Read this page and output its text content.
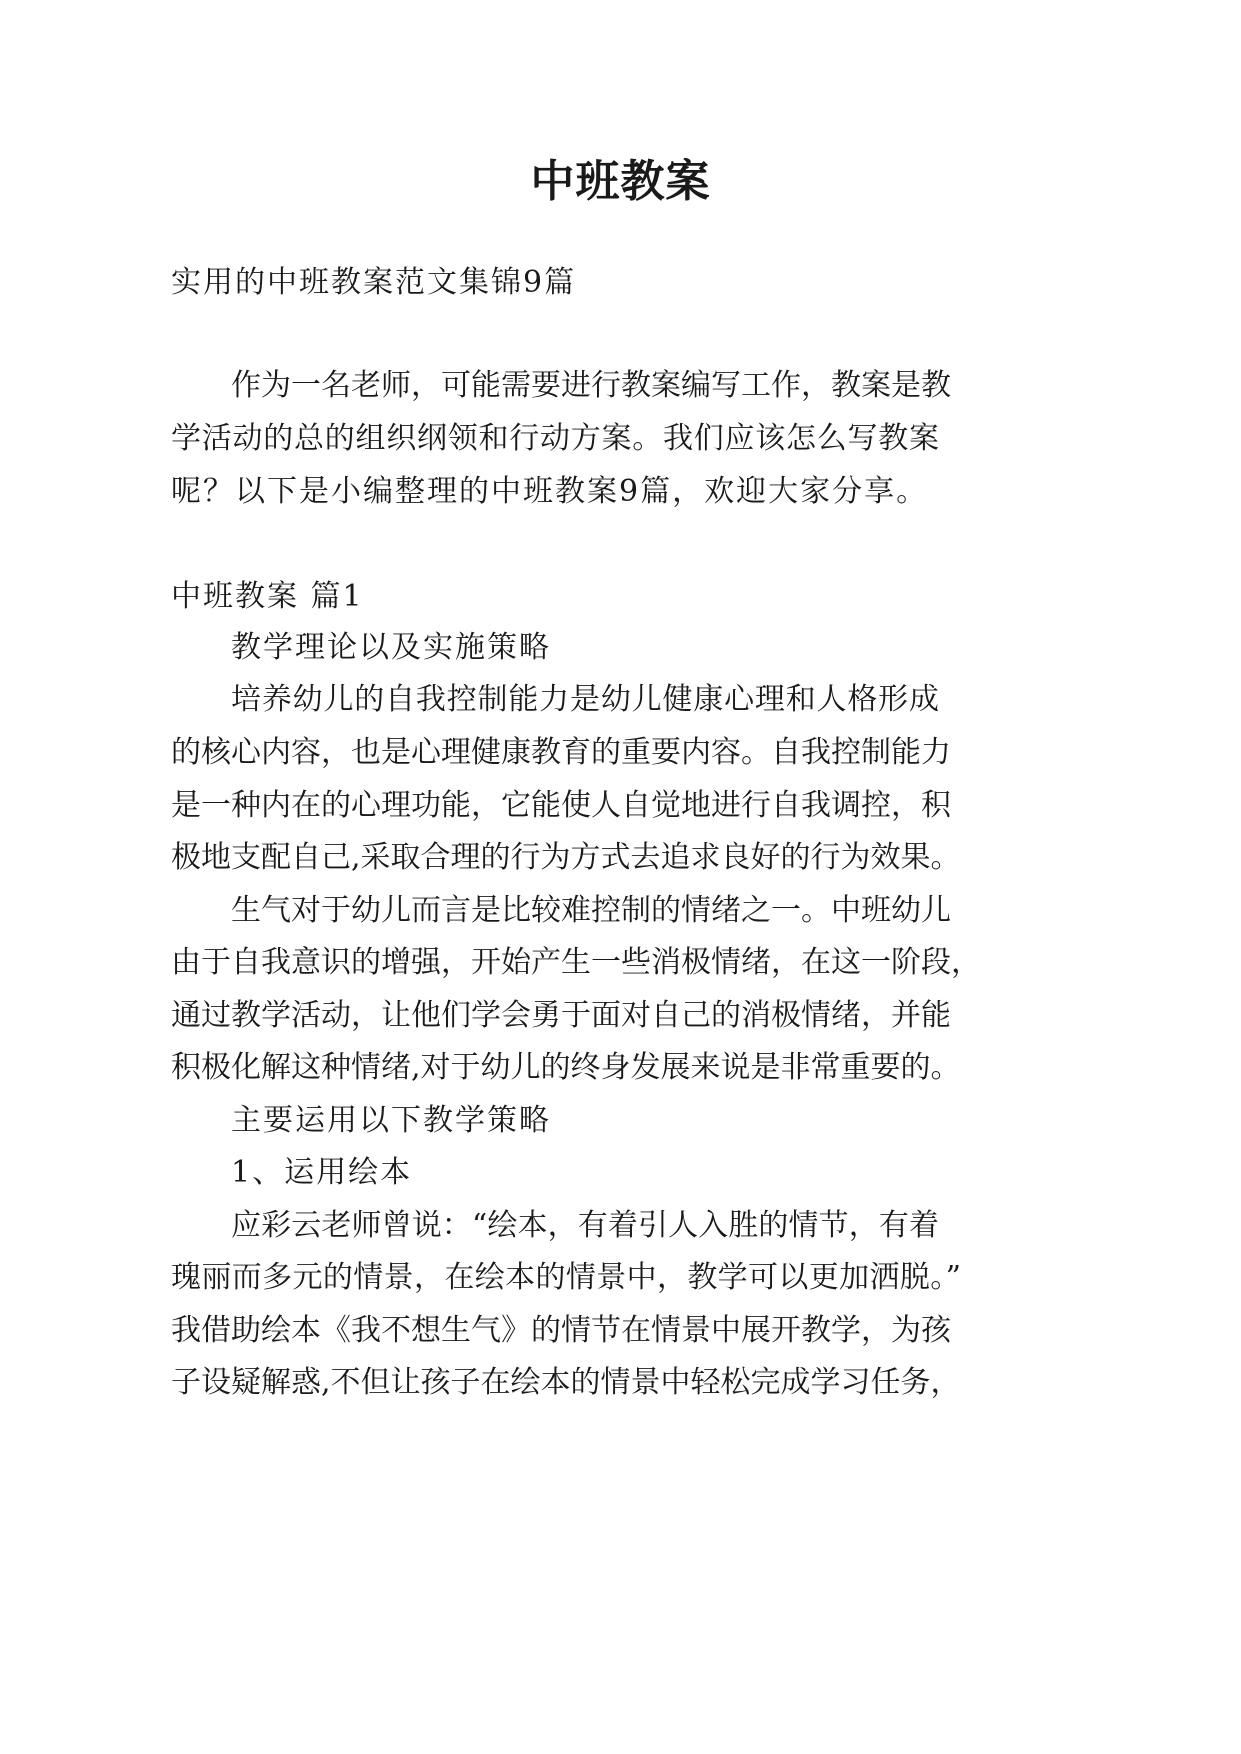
中班教案
实用的中班教案范文集锦9篇
作为一名老师，可能需要进行教案编写工作，教案是教
学活动的总的组织纲领和行动方案。我们应该怎么写教案
呢？以下是小编整理的中班教案9篇，欢迎大家分享。
中班教案 篇1
教学理论以及实施策略
培养幼儿的自我控制能力是幼儿健康心理和人格形成
的核心内容，也是心理健康教育的重要内容。自我控制能力
是一种内在的心理功能，它能使人自觉地进行自我调控，积
极地支配自己,采取合理的行为方式去追求良好的行为效果。
生气对于幼儿而言是比较难控制的情绪之一。中班幼儿
由于自我意识的增强，开始产生一些消极情绪，在这一阶段，
通过教学活动，让他们学会勇于面对自己的消极情绪，并能
积极化解这种情绪,对于幼儿的终身发展来说是非常重要的。
主要运用以下教学策略
1、运用绘本
应彩云老师曾说：“绘本，有着引人入胜的情节，有着
瑰丽而多元的情景，在绘本的情景中，教学可以更加洒脱。”
我借助绘本《我不想生气》的情节在情景中展开教学，为孩
子设疑解惑,不但让孩子在绘本的情景中轻松完成学习任务，
